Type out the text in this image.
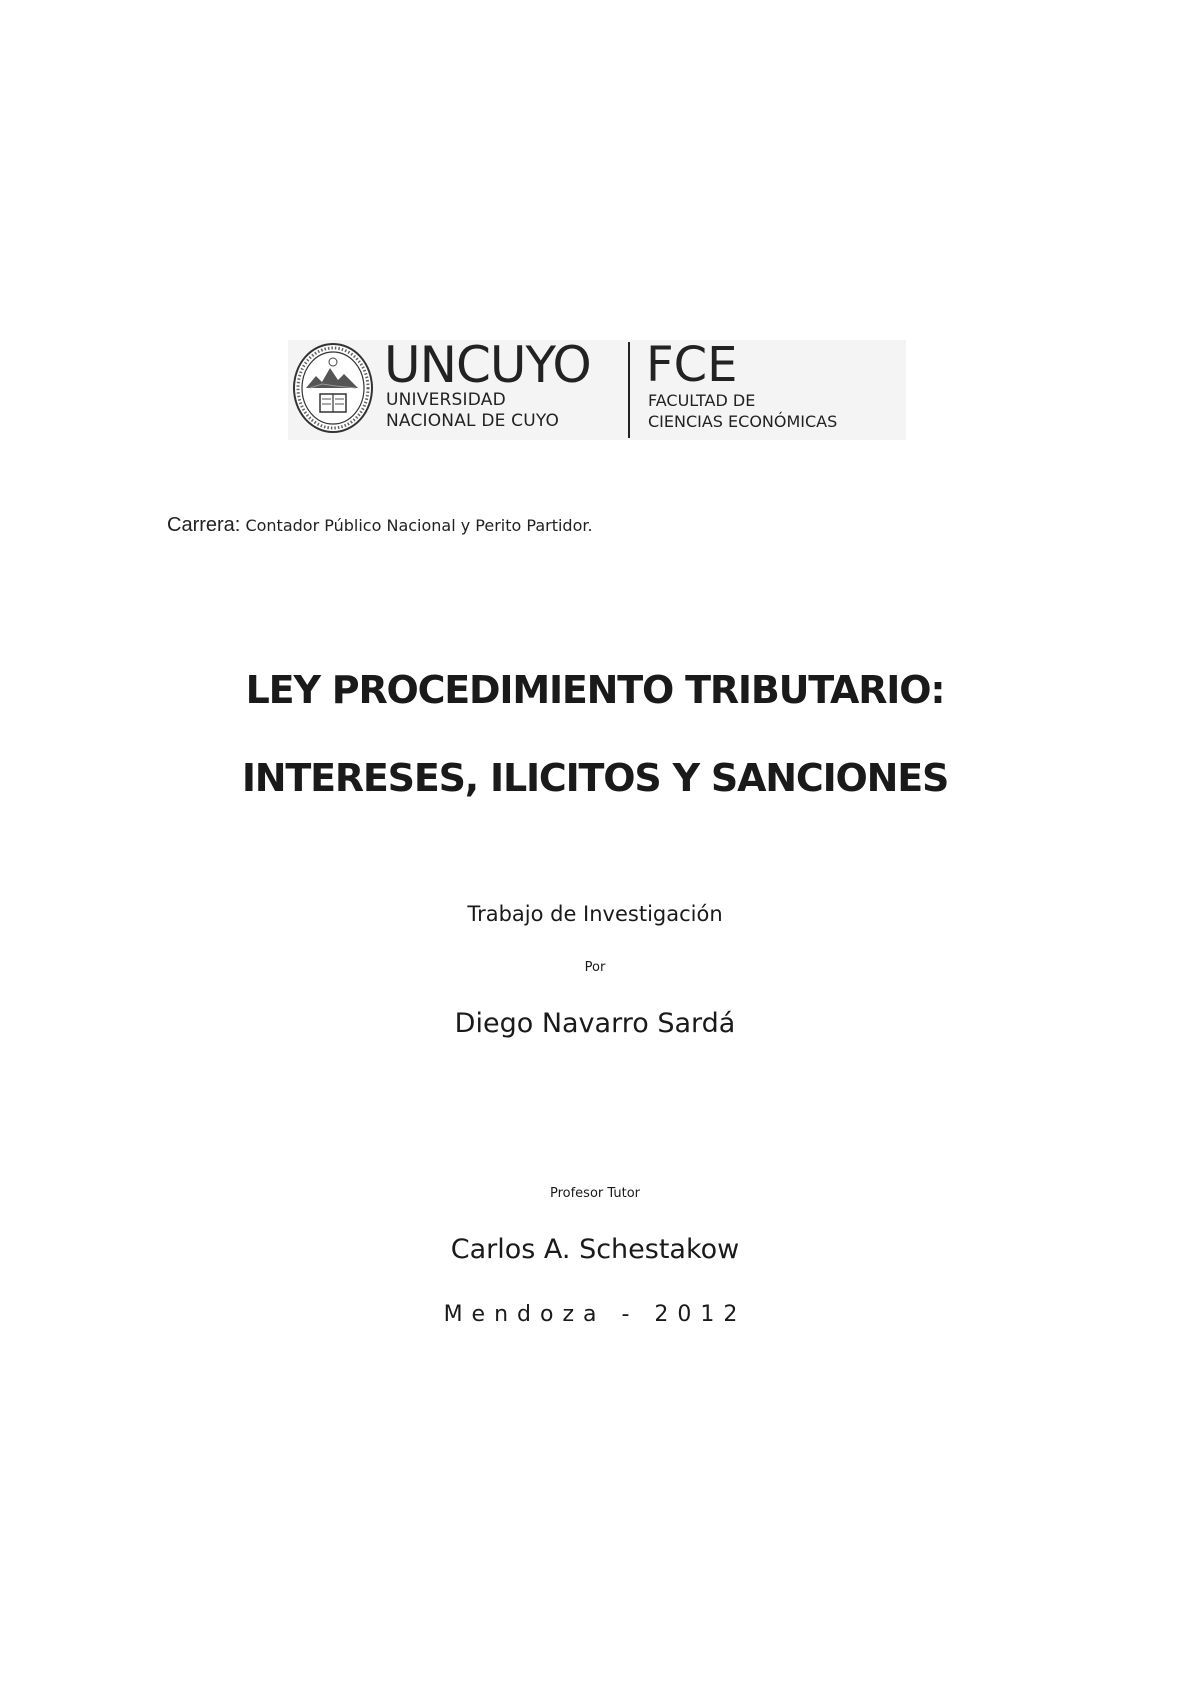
UNCUYO
UNIVERSIDAD
NACIONAL DE CUYO
FCE
FACULTAD DE
CIENCIAS ECONÓMICAS
Carrera: Contador Público Nacional y Perito Partidor.
LEY PROCEDIMIENTO TRIBUTARIO:
INTERESES, ILICITOS Y SANCIONES
Trabajo de Investigación
Por
Diego Navarro Sardá
Profesor Tutor
Carlos A. Schestakow
Mendoza - 2012
